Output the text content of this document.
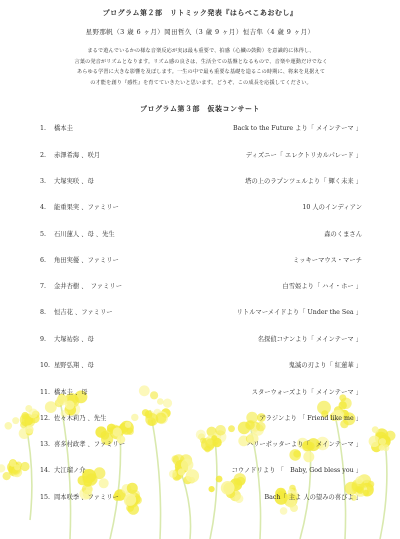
プログラム第２部　リトミック発表『はらぺこあおむし』
星野那帆（3 歳 6 ヶ月）岡田哲久（3 歳 9 ヶ月）恒吉隼（4 歳 9 ヶ月）
まるで遊んでいるかの様な音楽反応が実は最も重要で、拍感（心臓の鼓動）を意識的に体得し、
言葉の発音がリズムとなります。リズム感の良さは、生活全ての基盤となるもので、音楽や運動だけでなく
あらゆる学習に大きな影響を及ぼします。一生の中で最も重要な基礎を造るこの時期に、将来を見据えて
の才能を創り『感性』を育てていきたいと思います。どうぞ、この成長を応援してください。
プログラム第３部　仮装コンサート
1.	橋本圭	Back to the Future より「 メインテーマ 」
2.	赤澤希海 、咲月	ディズニー「 エレクトリカルパレード 」
3.	大塚実咲 、母	塔の上のラプンツェルより「 輝く未来 」
4.	能重果実 、ファミリー	10 人のインディアン
5.	石川蓮人 、母 、先生	森のくまさん
6.	角田実優 、ファミリー	ミッキーマウス・マーチ
7.	金井杏樹 、　ファミリー	白雪姫より「 ハイ・ホー 」
8.	恒吉花 、ファミリー	リトルマーメイドより「 Under the Sea 」
9.	大塚祐弥 、母	名探偵コナンより「 メインテーマ 」
10. 星野弘翔 、母	鬼滅の刃より「 紅蓮華 」
11. 橋本圭 、母	スターウォーズより「 メインテーマ 」
12. 佐々木莉乃 、先生	アラジンより 「 Friend like me 」
13. 喜多村政孝 、ファミリー	ハリーポッターより「　メインテーマ 」
14. 大江瑠ノ介	コウノドリより 「　Baby, God bless you 」
15. 岡本咲季 、ファミリー	Bach「 主よ 人の望みの喜びよ 」
